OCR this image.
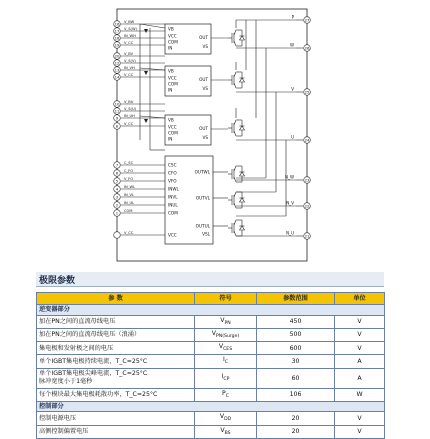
VB
VCC
COM
IN
OUT
VS
VB
VCC
COM
IN
OUT
VS
VB
VCC
COM
IN
OUT
VS
CSC
CFO
VFO
INWL
INVL
INUL
COM
VCC
OUTWL
OUTVL
OUTUL
VSL
16 V_BW
17 V_S(W)
18 IN_WH
19 V_CC
20 V_BV
12 V_S(V)
13 IN_VH
14 V_CC
10 V_BU
11 V_S(U)
9 IN_UH
8 V_CC
7 C_SC
6 C_FO
5 V_FO
4 IN_WL
3 IN_VL
2 IN_UL
1 COM
V_CC
27
P
26
W
25
V
24
U
23
N_W
22
N_V
21
N_U
极限参数
参 数	符号	参数范围	单位
逆变器部分			
加在PN之间的直流母线电压	$V_{PN}$	450	V
加在PN之间的直流母线电压（浪涌）	$V_{PN(Surge)}$	500	V
集电极和发射极之间的电压	$V_{CES}$	600	V
单个IGBT集电极持续电流，T_C=25°C	$I_C$	30	A
单个IGBT集电极尖峰电流，T_C=25°C
脉冲宽度小于1毫秒	$I_{CP}$	60	A
每个模块最大集电极耗散功率，T_C=25°C	$P_C$	106	W
控制部分			
控制电源电压	$V_{DD}$	20	V
高侧控制偏置电压	$V_{BS}$	20	V
